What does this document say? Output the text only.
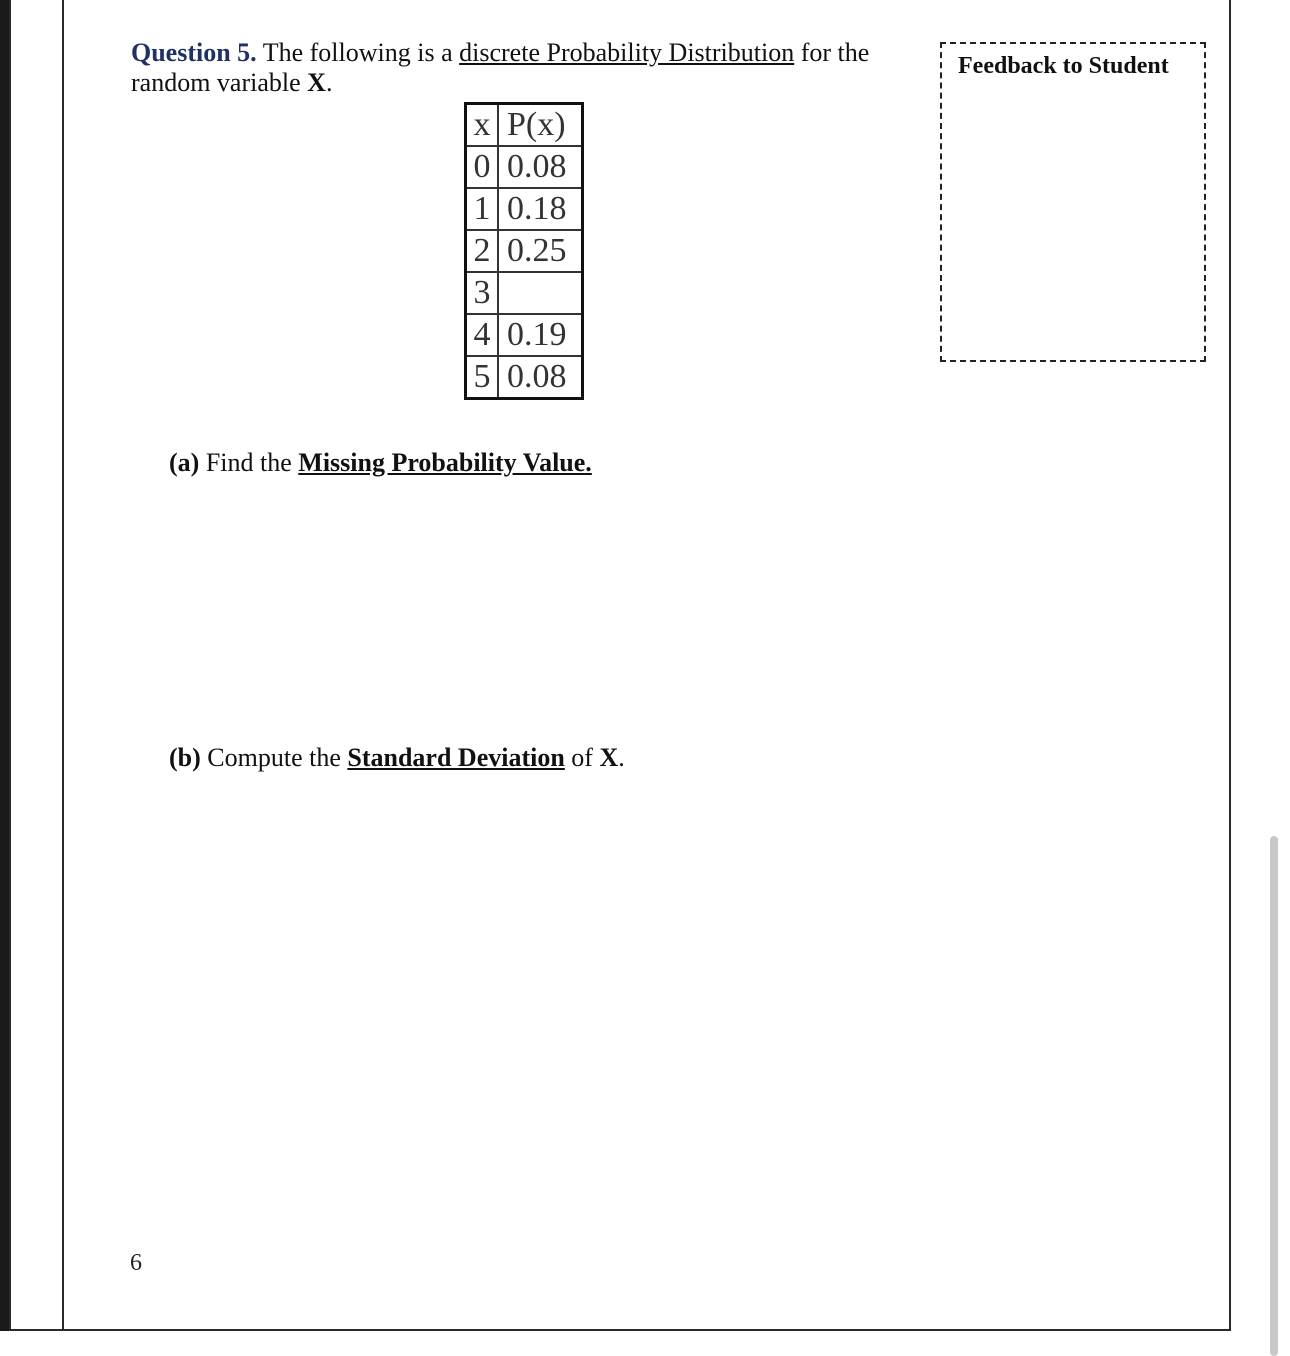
Question 5. The following is a discrete Probability Distribution for the random variable X.
x	P(x)
0	0.08
1	0.18
2	0.25
3	
4	0.19
5	0.08
(a) Find the Missing Probability Value.
(b) Compute the Standard Deviation of X.
Feedback to Student
6
